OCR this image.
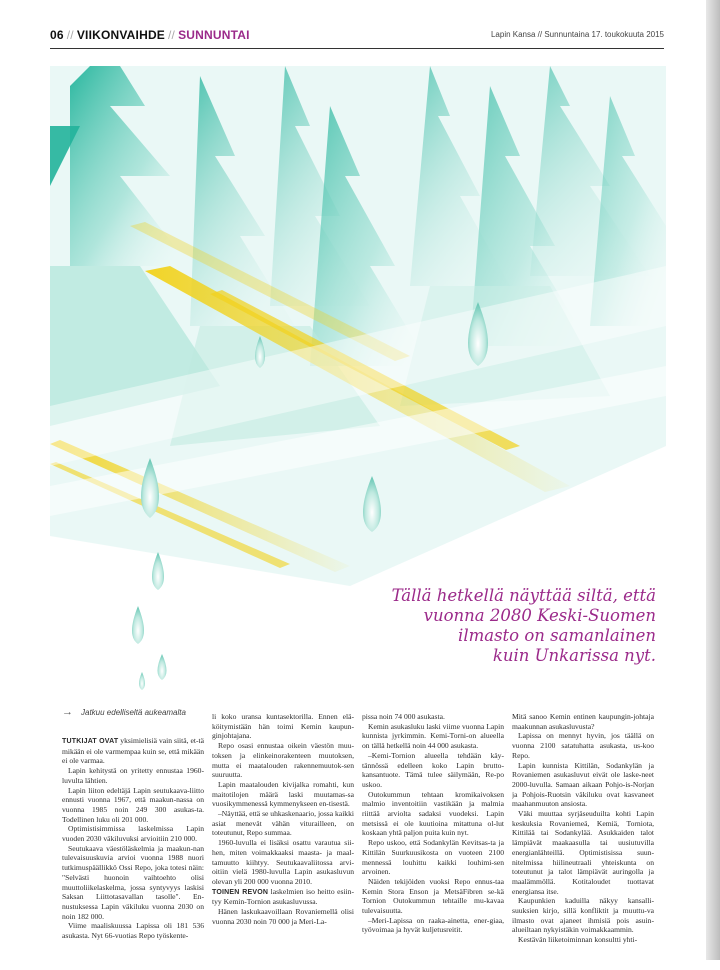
06 // VIIKONVAIHDE // SUNNUNTAI	Lapin Kansa // Sunnuntaina 17. toukokuuta 2015
Tällä hetkellä näyttää siltä, että
vuonna 2080 Keski-Suomen
ilmasto on samanlainen
kuin Unkarissa nyt.
→ Jatkuu edelliseltä aukeamalta

TUTKIJAT OVAT yksimielisiä vain siitä, et-tä mikään ei ole varmempaa kuin se, että mikään ei ole varmaa.

Lapin kehitystä on yritetty ennustaa 1960-luvulta lähtien.

Lapin liiton edeltäjä Lapin seutukaava-liitto ennusti vuonna 1967, että maakun-nassa on vuonna 1985 noin 249 300 asukas-ta. Todellinen luku oli 201 000.

Optimistisimmissa laskelmissa Lapin vuoden 2030 väkiluvuksi arvioitiin 210 000.

Seutukaava väestöläskelmia ja maakun-nan tulevaisuuskuvia arvioi vuonna 1988 nuori tutkimuspäällikkö Ossi Repo, joka totesi näin: "Selvästi huonoin vaihtoehto olisi muuttoliikelaskelma, jossa syntyvyys laskisi Saksan Liittotasavallan tasolle". En-nustuksessa Lapin väkiluku vuonna 2030 on noin 182 000.

Viime maaliskuussa Lapissa oli 181 536 asukasta. Nyt 66-vuotias Repo työskente-

li koko uransa kuntasektorilla. Ennen elä-köitymistään hän toimi Kemin kaupun-ginjohtajana.

Repo osasi ennustaa oikein väestön muu-toksen ja elinkeinorakenteen muutoksen, mutta ei maatalouden rakennemuutok-sen suuruutta.

Lapin maatalouden kivijalka romahti, kun maitotilojen määrä laski muutamas-sa vuosikymmenessä kymmenykseen en-tisestä.

–Näyttää, että se uhkaskenaario, jossa kaikki asiat menevät vähän viturailleen, on toteutunut, Repo summaa.

1960-luvulla ei lisäksi osattu varautua sii-hen, miten voimakkaaksi maasta- ja maal-tamuutto kiihtyy. Seutukaavaliitossa arvi-oitiin vielä 1980-luvulla Lapin asukasluvun olevan yli 200 000 vuonna 2010.

TOINEN REVON laskelmien iso heitto esiin-tyy Kemin-Tornion asukasluvussa.

Hänen laskukaavoillaan Rovaniemellä olisi vuonna 2030 noin 70 000 ja Meri-La-

pissa noin 74 000 asukasta.

Kemin asukasluku laski viime vuonna Lapin kunnista jyrkimmin. Kemi-Torni-on alueella on tällä hetkellä noin 44 000 asukasta.

–Kemi-Tornion alueella tehdään käy-tännössä edelleen koko Lapin brutto-kansantuote. Tämä tulee säilymään, Re-po uskoo.

Outokummun tehtaan kromikaivoksen malmio inventoitiin vastikään ja malmia riittää arviolta sadaksi vuodeksi. Lapin metsissä ei ole kuutioina mitattuna ol-lut koskaan yhtä paljon puita kuin nyt.

Repo uskoo, että Sodankylän Kevitsas-ta ja Kittilän Suurkuusikosta on vuoteen 2100 mennessä louhittu kaikki louhimi-sen arvoinen.

Näiden tekijöiden vuoksi Repo ennus-taa Kemin Stora Enson ja MetsäFibren se-kä Tornion Outokummun tehtaille mu-kavaa tulevaisuutta.

–Meri-Lapissa on raaka-ainetta, ener-giaa, työvoimaa ja hyvät kuljetusreitit.

Mitä sanoo Kemin entinen kaupungin-johtaja maakunnan asukasluvusta?

Lapissa on mennyt hyvin, jos täällä on vuonna 2100 satatuhatta asukasta, us-koo Repo.

Lapin kunnista Kittilän, Sodankylän ja Rovaniemen asukasluvut eivät ole laske-neet 2000-luvulla. Samaan aikaan Pohjo-is-Norjan ja Pohjois-Ruotsin väkiluku ovat kasvaneet maahanmuuton ansiosta.

Väki muuttaa syrjäseuduilta kohti Lapin keskuksia Rovaniemeä, Kemiä, Torniota, Kittilää tai Sodankylää. Asukkaiden talot lämpiävät maakaasulla tai uusiutuvilla energianlähteillä. Optimistisissa suun-nitelmissa hiilineutraali yhteiskunta on toteutunut ja talot lämpiävät auringolla ja maalämmöllä. Kotitaloudet tuottavat energiansa itse.

Kaupunkien kaduilla näkyy kansalli-suuksien kirjo, sillä konfliktit ja muuttu-va ilmasto ovat ajaneet ihmisiä pois asuin-alueiltaan nykyistäkin voimakkaammin.

Kestävän liiketoiminnan konsultti yhti-
